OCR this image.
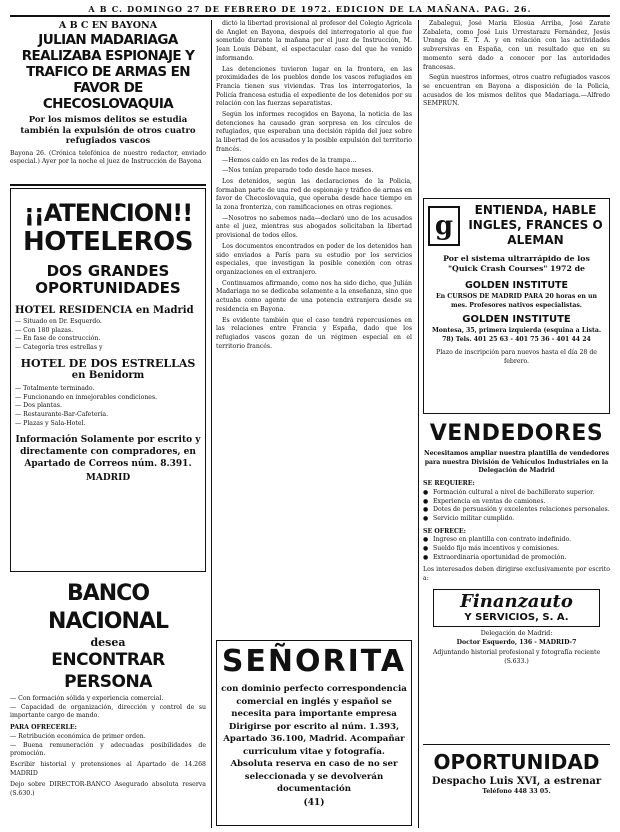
A B C. DOMINGO 27 DE FEBRERO DE 1972. EDICION DE LA MAÑANA. PAG. 26.
A B C EN BAYONA
JULIAN MADARIAGA REALIZABA ESPIONAJE Y TRAFICO DE ARMAS EN FAVOR DE CHECOSLOVAQUIA
Por los mismos delitos se estudia también la expulsión de otros cuatro refugiados vascos
Bayona 26. (Crónica telefónica de nuestro redactor, enviado especial.) Ayer por la noche el juez de Instrucción de Bayona
¡¡ATENCION!!
HOTELEROS
DOS GRANDES OPORTUNIDADES
HOTEL RESIDENCIA en Madrid
— Situado en Dr. Esquerdo.
— Con 180 plazas.
— En fase de construcción.
— Categoría tres estrellas y
HOTEL DE DOS ESTRELLAS
en Benidorm
— Totalmente terminado.
— Funcionando en inmejorables condiciones.
— Dos plantas.
— Restaurante-Bar-Cafetería.
— Plazas y Sala-Hotel.
Información Solamente por escrito y directamente con compradores, en Apartado de Correos núm. 8.391.
MADRID
BANCO NACIONAL
desea
ENCONTRAR PERSONA
— Con formación sólida y experiencia comercial.
— Capacidad de organización, dirección y control de su importante cargo de mando.
PARA OFRECERLE:
— Retribución económica de primer orden.
— Buena remuneración y adecuadas posibilidades de promoción.
Escribir historial y pretensiones al Apartado de 14.268 MADRID
Dejo sobre DIRECTOR-BANCO Asegurado absoluta reserva (S.630.)

dictó la libertad provisional al profesor del Colegio Agrícola de Anglet en Bayona, después del interrogatorio al que fue sometido durante la mañana por el juez de Instrucción, M. Jean Louis Débant, el espectacular caso del que he venido informando.

Las detenciones tuvieron lugar en la frontera, en las proximidades de los pueblos donde los vascos refugiados en Francia tienen sus viviendas. Tras los interrogatorios, la Policía francesa estudia el expediente de los detenidos por su relación con las fuerzas separatistas.

Según los informes recogidos en Bayona, la noticia de las detenciones ha causado gran sorpresa en los círculos de refugiados, que esperaban una decisión rápida del juez sobre la libertad de los acusados y la posible expulsión del territorio francés.

—Hemos caído en las redes de la trampa...

—Nos tenían preparado todo desde hace meses.

Los detenidos, según las declaraciones de la Policía, formaban parte de una red de espionaje y tráfico de armas en favor de Checoslovaquia, que operaba desde hace tiempo en la zona fronteriza, con ramificaciones en otras regiones.

—Nosotros no sabemos nada—declaró uno de los acusados ante el juez, mientras sus abogados solicitaban la libertad provisional de todos ellos.

Los documentos encontrados en poder de los detenidos han sido enviados a París para su estudio por los servicios especiales, que investigan la posible conexión con otras organizaciones en el extranjero.

Continuamos afirmando, como nos ha sido dicho, que Julián Madariaga no se dedicaba solamente a la enseñanza, sino que actuaba como agente de una potencia extranjera desde su residencia en Bayona.

Es evidente también que el caso tendrá repercusiones en las relaciones entre Francia y España, dado que los refugiados vascos gozan de un régimen especial en el territorio francés.

SEÑORITA
con dominio perfecto correspondencia comercial en inglés y español se necesita para importante empresa Dirigirse por escrito al núm. 1.393, Apartado 36.100, Madrid. Acompañar curriculum vitae y fotografía. Absoluta reserva en caso de no ser seleccionada y se devolverán documentación
(41)

Zabalegui, José María Elosúa Arriba, José Zarate Zabaleta, como José Luis Urrestarazu Fernández, Jesús Uranga de E. T. A. y en relación con las actividades subversivas en España, con un resultado que en su momento será dado a conocer por las autoridades francesas.

Según nuestros informes, otros cuatro refugiados vascos se encuentran en Bayona a disposición de la Policía, acusados de los mismos delitos que Madariaga.—Alfredo SEMPRÚN.

g
ENTIENDA, HABLE INGLES, FRANCES O ALEMAN
Por el sistema ultrarrápido de los "Quick Crash Courses" 1972 de
GOLDEN INSTITUTE
En CURSOS DE MADRID PARA 20 horas en un mes. Profesores nativos especialistas.
GOLDEN INSTITUTE
Montesa, 35, primera izquierda (esquina a Lista. 78) Tels. 401 25 63 - 401 75 36 - 401 44 24
Plazo de inscripción para nuevos hasta el día 28 de febrero.
VENDEDORES
Necesitamos ampliar nuestra plantilla de vendedores para nuestra División de Vehículos Industriales en la Delegación de Madrid
SE REQUIERE:
● Formación cultural a nivel de bachillerato superior.
● Experiencia en ventas de camiones.
● Dotes de persuasión y excelentes relaciones personales.
● Servicio militar cumplido.
SE OFRECE:
● Ingreso en plantilla con contrato indefinido.
● Sueldo fijo más incentivos y comisiones.
● Extraordinaria oportunidad de promoción.
Los interesados deben dirigirse exclusivamente por escrito a:
Finanzauto
Y SERVICIOS, S. A.
Delegación de Madrid:
Doctor Esquerdo, 136 - MADRID-7
Adjuntando historial profesional y fotografía reciente (S.633.)
OPORTUNIDAD
Despacho Luis XVI, a estrenar
Teléfono 448 33 05.
